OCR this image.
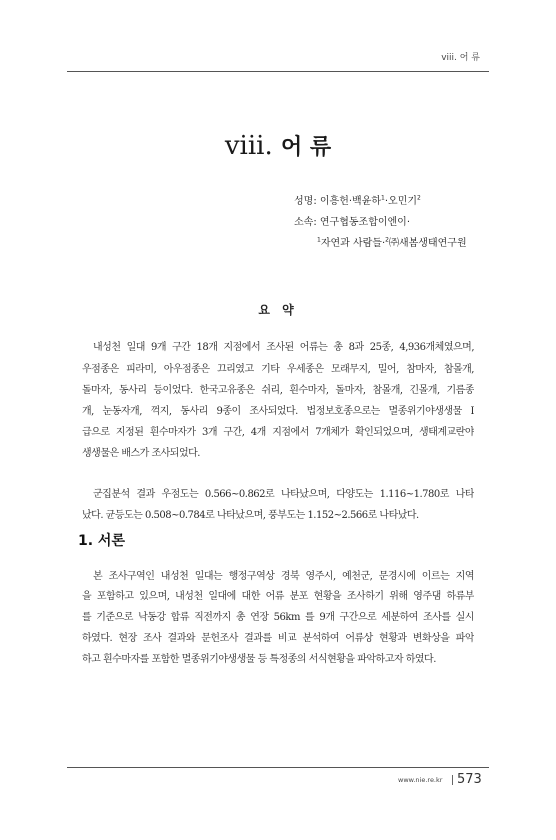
viii. 어 류
viii. 어 류
성명: 이흥헌·백윤하$^1$·오민기$^2$
소속: 연구협동조합이엔이·
$^1$자연과 사람들·$^2$㈜새봄생태연구원
요 약
내성천 일대 9개 구간 18개 지점에서 조사된 어류는 총 8과 25종, 4,936개체였으며,
우점종은 피라미, 아우점종은 끄리였고 기타 우세종은 모래무지, 밀어, 참마자, 참몰개,
돌마자, 동사리 등이었다. 한국고유종은 쉬리, 흰수마자, 돌마자, 참몰개, 긴몰개, 기름종
개, 눈동자개, 꺽지, 동사리 9종이 조사되었다. 법정보호종으로는 멸종위기야생생물 Ⅰ
급으로 지정된 흰수마자가 3개 구간, 4개 지점에서 7개체가 확인되었으며, 생태계교란야
생생물은 배스가 조사되었다.
군집분석 결과 우점도는 0.566~0.862로 나타났으며, 다양도는 1.116~1.780로 나타
났다. 균등도는 0.508~0.784로 나타났으며, 풍부도는 1.152~2.566로 나타났다.
1. 서론
본 조사구역인 내성천 일대는 행정구역상 경북 영주시, 예천군, 문경시에 이르는 지역
을 포함하고 있으며, 내성천 일대에 대한 어류 분포 현황을 조사하기 위해 영주댐 하류부
를 기준으로 낙동강 합류 직전까지 총 연장 56km 를 9개 구간으로 세분하여 조사를 실시
하였다. 현장 조사 결과와 문헌조사 결과를 비교 분석하여 어류상 현황과 변화상을 파악
하고 흰수마자를 포함한 멸종위기야생생물 등 특정종의 서식현황을 파악하고자 하였다.
www.nie.re.kr 573
